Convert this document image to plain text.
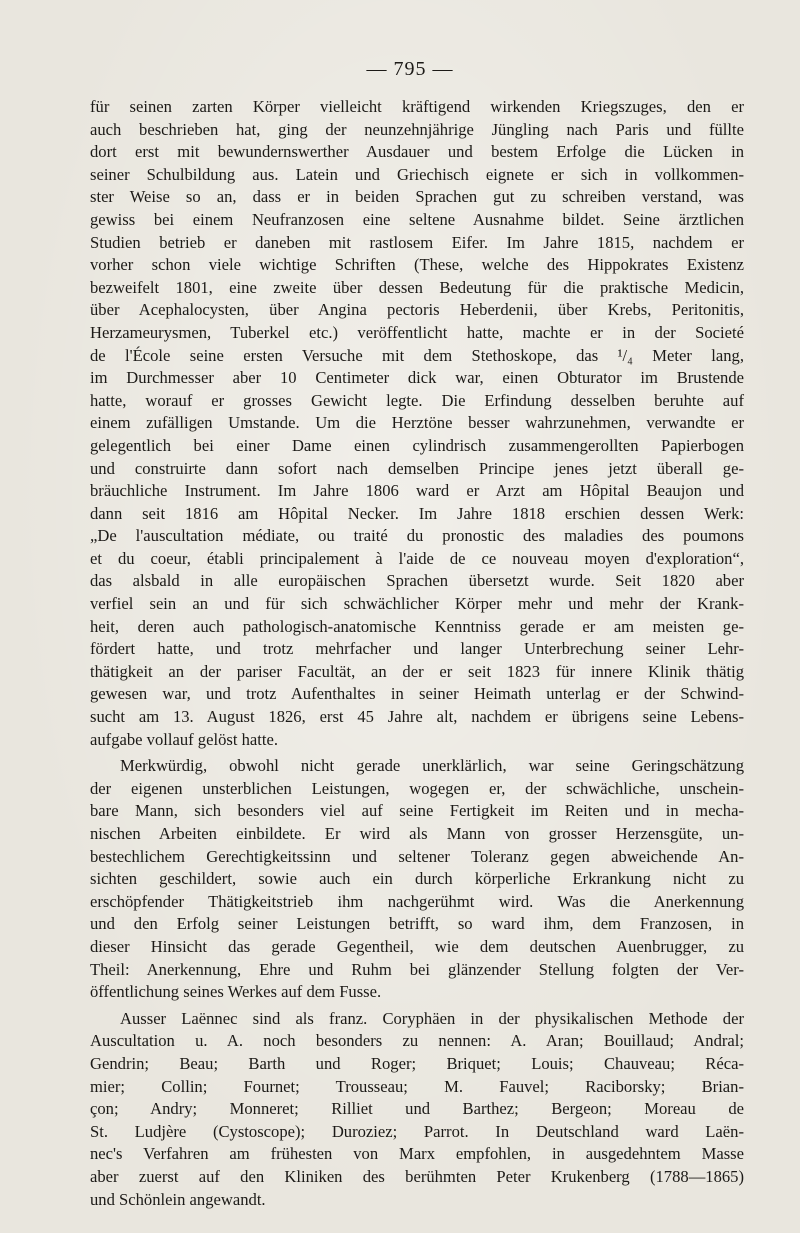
— 795 —
für seinen zarten Körper vielleicht kräftigend wirkenden Kriegszuges, den er
auch beschrieben hat, ging der neunzehnjährige Jüngling nach Paris und füllte
dort erst mit bewundernswerther Ausdauer und bestem Erfolge die Lücken in
seiner Schulbildung aus. Latein und Griechisch eignete er sich in vollkommen-
ster Weise so an, dass er in beiden Sprachen gut zu schreiben verstand, was
gewiss bei einem Neufranzosen eine seltene Ausnahme bildet. Seine ärztlichen
Studien betrieb er daneben mit rastlosem Eifer. Im Jahre 1815, nachdem er
vorher schon viele wichtige Schriften (These, welche des Hippokrates Existenz
bezweifelt 1801, eine zweite über dessen Bedeutung für die praktische Medicin,
über Acephalocysten, über Angina pectoris Heberdenii, über Krebs, Peritonitis,
Herzameurysmen, Tuberkel etc.) veröffentlicht hatte, machte er in der Societé
de l'École seine ersten Versuche mit dem Stethoskope, das ¹/₄ Meter lang,
im Durchmesser aber 10 Centimeter dick war, einen Obturator im Brustende
hatte, worauf er grosses Gewicht legte. Die Erfindung desselben beruhte auf
einem zufälligen Umstande. Um die Herztöne besser wahrzunehmen, verwandte er
gelegentlich bei einer Dame einen cylindrisch zusammengerollten Papierbogen
und construirte dann sofort nach demselben Principe jenes jetzt überall ge-
bräuchliche Instrument. Im Jahre 1806 ward er Arzt am Hôpital Beaujon und
dann seit 1816 am Hôpital Necker. Im Jahre 1818 erschien dessen Werk:
„De l'auscultation médiate, ou traité du pronostic des maladies des poumons
et du coeur, établi principalement à l'aide de ce nouveau moyen d'exploration“,
das alsbald in alle europäischen Sprachen übersetzt wurde. Seit 1820 aber
verfiel sein an und für sich schwächlicher Körper mehr und mehr der Krank-
heit, deren auch pathologisch-anatomische Kenntniss gerade er am meisten ge-
fördert hatte, und trotz mehrfacher und langer Unterbrechung seiner Lehr-
thätigkeit an der pariser Facultät, an der er seit 1823 für innere Klinik thätig
gewesen war, und trotz Aufenthaltes in seiner Heimath unterlag er der Schwind-
sucht am 13. August 1826, erst 45 Jahre alt, nachdem er übrigens seine Lebens-
aufgabe vollauf gelöst hatte.
Merkwürdig, obwohl nicht gerade unerklärlich, war seine Geringschätzung
der eigenen unsterblichen Leistungen, wogegen er, der schwächliche, unschein-
bare Mann, sich besonders viel auf seine Fertigkeit im Reiten und in mecha-
nischen Arbeiten einbildete. Er wird als Mann von grosser Herzensgüte, un-
bestechlichem Gerechtigkeitssinn und seltener Toleranz gegen abweichende An-
sichten geschildert, sowie auch ein durch körperliche Erkrankung nicht zu
erschöpfender Thätigkeitstrieb ihm nachgerühmt wird. Was die Anerkennung
und den Erfolg seiner Leistungen betrifft, so ward ihm, dem Franzosen, in
dieser Hinsicht das gerade Gegentheil, wie dem deutschen Auenbrugger, zu
Theil: Anerkennung, Ehre und Ruhm bei glänzender Stellung folgten der Ver-
öffentlichung seines Werkes auf dem Fusse.
Ausser Laënnec sind als franz. Coryphäen in der physikalischen Methode der
Auscultation u. A. noch besonders zu nennen: A. Aran; Bouillaud; Andral;
Gendrin; Beau; Barth und Roger; Briquet; Louis; Chauveau; Réca-
mier; Collin; Fournet; Trousseau; M. Fauvel; Raciborsky; Brian-
çon; Andry; Monneret; Rilliet und Barthez; Bergeon; Moreau de
St. Ludjère (Cystoscope); Duroziez; Parrot. In Deutschland ward Laën-
nec's Verfahren am frühesten von Marx empfohlen, in ausgedehntem Masse
aber zuerst auf den Kliniken des berühmten Peter Krukenberg (1788—1865)
und Schönlein angewandt.
